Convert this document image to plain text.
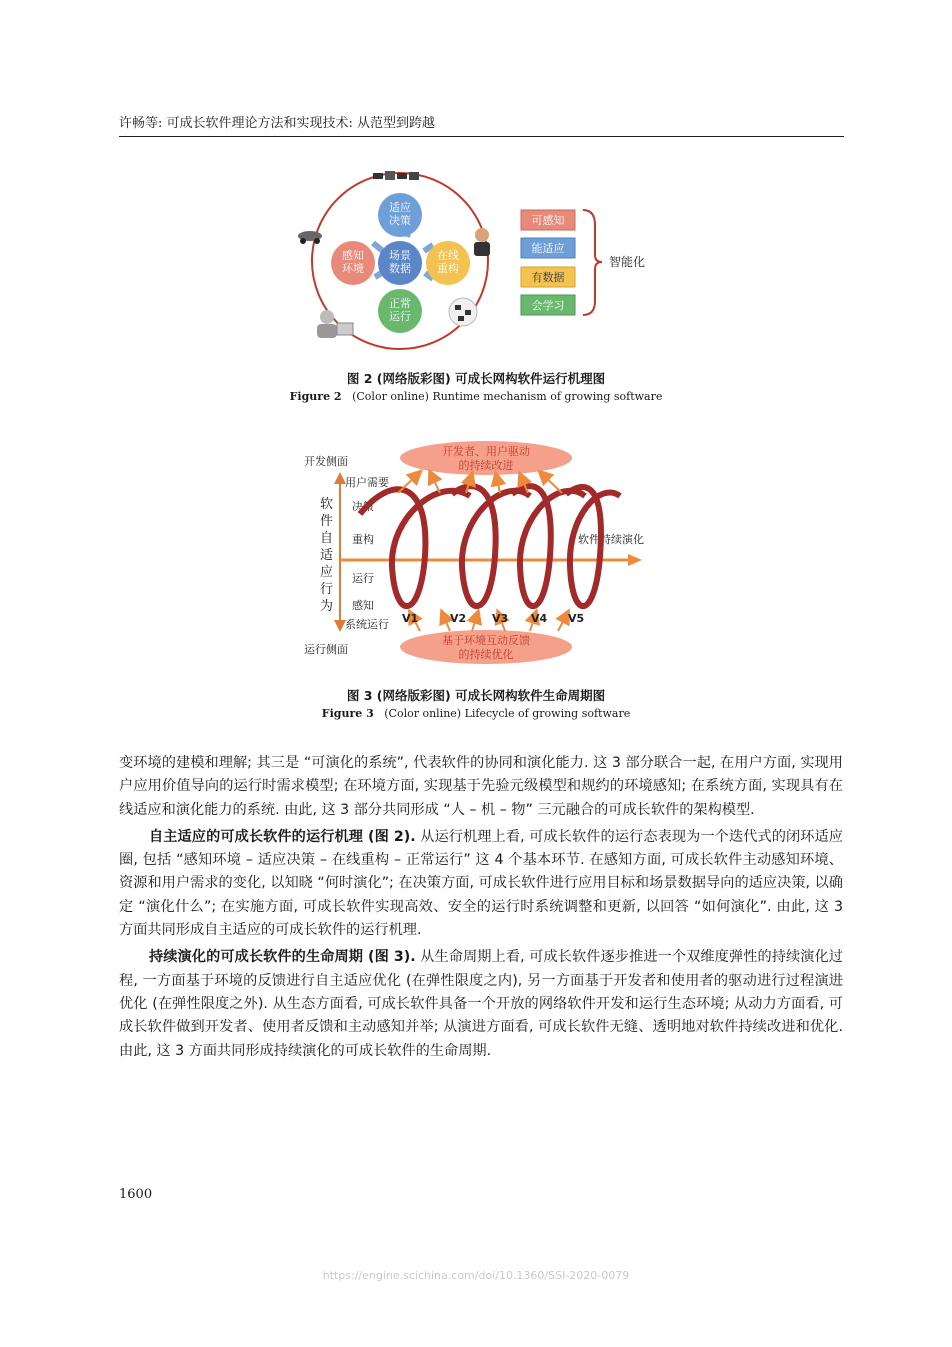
许畅等: 可成长软件理论方法和实现技术: 从范型到跨越
适应
决策
感知
环境
场景
数据
在线
重构
正常
运行
可感知
能适应
有数据
会学习
智能化
图 2 (网络版彩图) 可成长网构软件运行机理图
Figure 2 (Color online) Runtime mechanism of growing software
开发侧面
运行侧面
软
件
自
适
应
行
为
用户需要
决策
重构
运行
感知
系统运行
软件持续演化
开发者、用户驱动
的持续改进
基于环境互动反馈
的持续优化
V1	V2 V3 V4 V5
图 3 (网络版彩图) 可成长网构软件生命周期图
Figure 3 (Color online) Lifecycle of growing software

变环境的建模和理解; 其三是 “可演化的系统”, 代表软件的协同和演化能力. 这 3 部分联合一起, 在用户方面, 实现用户应用价值导向的运行时需求模型; 在环境方面, 实现基于先验元级模型和规约的环境感知; 在系统方面, 实现具有在线适应和演化能力的系统. 由此, 这 3 部分共同形成 “人 – 机 – 物” 三元融合的可成长软件的架构模型.

自主适应的可成长软件的运行机理 (图 2). 从运行机理上看, 可成长软件的运行态表现为一个迭代式的闭环适应圈, 包括 “感知环境 – 适应决策 – 在线重构 – 正常运行” 这 4 个基本环节. 在感知方面, 可成长软件主动感知环境、资源和用户需求的变化, 以知晓 “何时演化”; 在决策方面, 可成长软件进行应用目标和场景数据导向的适应决策, 以确定 “演化什么”; 在实施方面, 可成长软件实现高效、安全的运行时系统调整和更新, 以回答 “如何演化”. 由此, 这 3 方面共同形成自主适应的可成长软件的运行机理.

持续演化的可成长软件的生命周期 (图 3). 从生命周期上看, 可成长软件逐步推进一个双维度弹性的持续演化过程, 一方面基于环境的反馈进行自主适应优化 (在弹性限度之内), 另一方面基于开发者和使用者的驱动进行过程演进优化 (在弹性限度之外). 从生态方面看, 可成长软件具备一个开放的网络软件开发和运行生态环境; 从动力方面看, 可成长软件做到开发者、使用者反馈和主动感知并举; 从演进方面看, 可成长软件无缝、透明地对软件持续改进和优化. 由此, 这 3 方面共同形成持续演化的可成长软件的生命周期.

1600
https://engine.scichina.com/doi/10.1360/SSI-2020-0079
